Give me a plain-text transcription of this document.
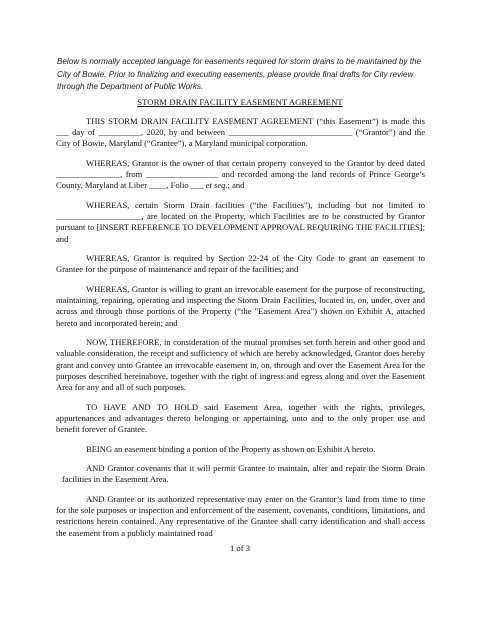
Below is normally accepted language for easements required for storm drains to be maintained by the City of Bowie. Prior to finalizing and executing easements, please provide final drafts for City review through the Department of Public Works.
STORM DRAIN FACILITY EASEMENT AGREEMENT

THIS STORM DRAIN FACILITY EASEMENT AGREEMENT (“this Easement”) is made this ___ day of __________, 2020, by and between _____________________________ (“Grantor”) and the City of Bowie, Maryland (“Grantee”), a Maryland municipal corporation.

WHEREAS, Grantor is the owner of that certain property conveyed to the Grantor by deed dated _______________, from _________________ and recorded among the land records of Prince George’s County, Maryland at Liber ____, Folio ___ et seq.; and

WHEREAS, certain Storm Drain facilities (“the Facilities"), including but not limited to ____________________, are located on the Property, which Facilities are to be constructed by Grantor pursuant to [INSERT REFERENCE TO DEVELOPMENT APPROVAL REQUIRING THE FACILITIES]; and

WHEREAS, Grantor is required by Section 22-24 of the City Code to grant an easement to Grantee for the purpose of maintenance and repair of the facilities; and

WHEREAS, Grantor is willing to grant an irrevocable easement for the purpose of reconstructing, maintaining, repairing, operating and inspecting the Storm Drain Facilities, located in, on, under, over and across and through those portions of the Property (“the "Easement Area") shown on Exhibit A, attached hereto and incorporated herein; and

NOW, THEREFORE, in consideration of the mutual promises set forth herein and other good and valuable consideration, the receipt and sufficiency of which are hereby acknowledged, Grantor does hereby grant and convey unto Grantee an irrevocable easement in, on, through and over the Easement Area for the purposes described hereinabove, together with the right of ingress and egress along and over the Easement Area for any and all of such purposes.

TO HAVE AND TO HOLD said Easement Area, together with the rights, privileges, appurtenances and advantages thereto belonging or appertaining, unto and to the only proper use and benefit forever of Grantee.

BEING an easement binding a portion of the Property as shown on Exhibit A hereto.

AND Grantor covenants that it will permit Grantee to maintain, alter and repair the Storm Drain facilities in the Easement Area.

AND Grantee or its authorized representative may enter on the Grantor’s land from time to time for the sole purposes or inspection and enforcement of the easement, covenants, conditions, limitations, and restrictions herein contained. Any representative of the Grantee shall carry identification and shall access the easement from a publicly maintained road

1 of 3
